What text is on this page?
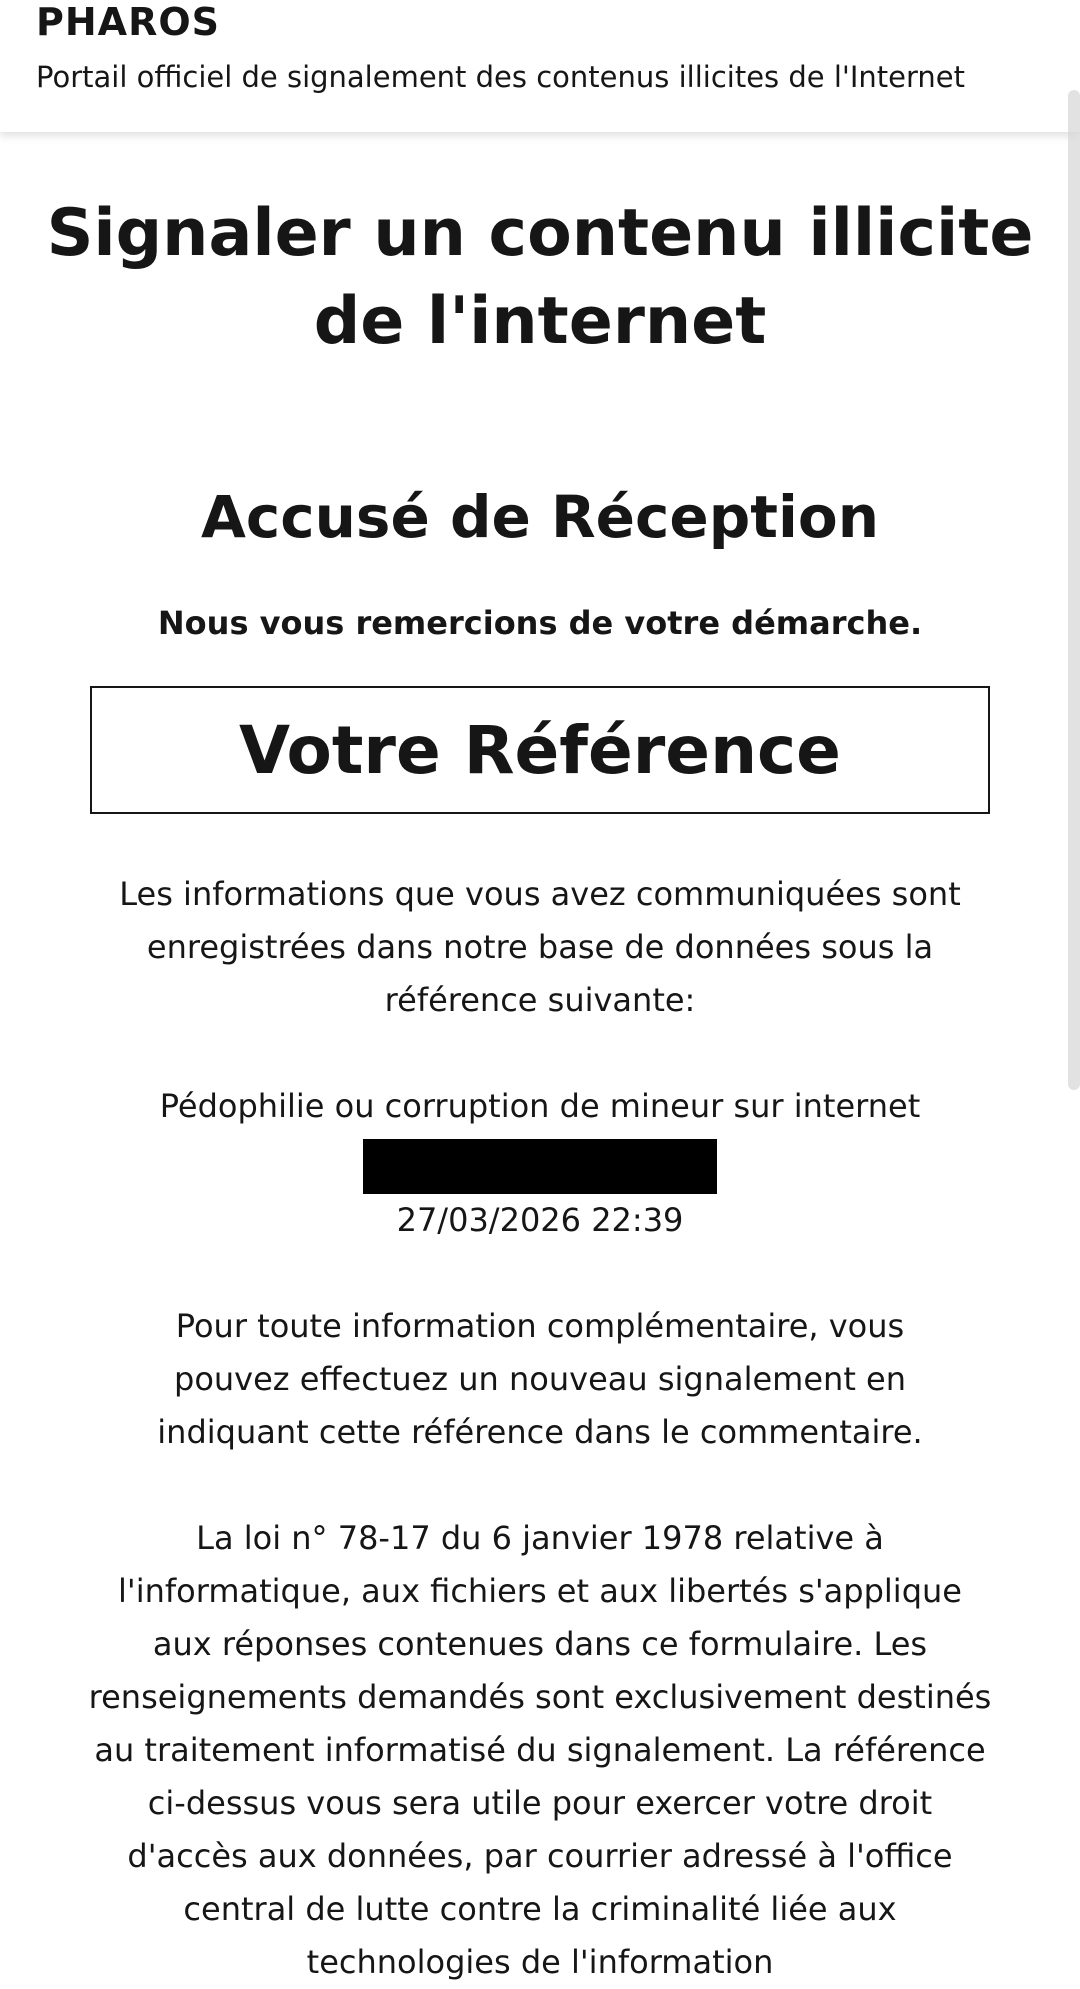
PHAROS
Portail officiel de signalement des contenus illicites de l'Internet
Signaler un contenu illicite de l'internet
Accusé de Réception

Nous vous remercions de votre démarche.

Votre Référence

Les informations que vous avez communiquées sont enregistrées dans notre base de données sous la référence suivante:

Pédophilie ou corruption de mineur sur internet

27/03/2026 22:39

Pour toute information complémentaire, vous pouvez effectuez un nouveau signalement en indiquant cette référence dans le commentaire.

La loi n° 78-17 du 6 janvier 1978 relative à l'informatique, aux fichiers et aux libertés s'applique aux réponses contenues dans ce formulaire. Les renseignements demandés sont exclusivement destinés au traitement informatisé du signalement. La référence ci-dessus vous sera utile pour exercer votre droit d'accès aux données, par courrier adressé à l'office central de lutte contre la criminalité liée aux technologies de l'information
